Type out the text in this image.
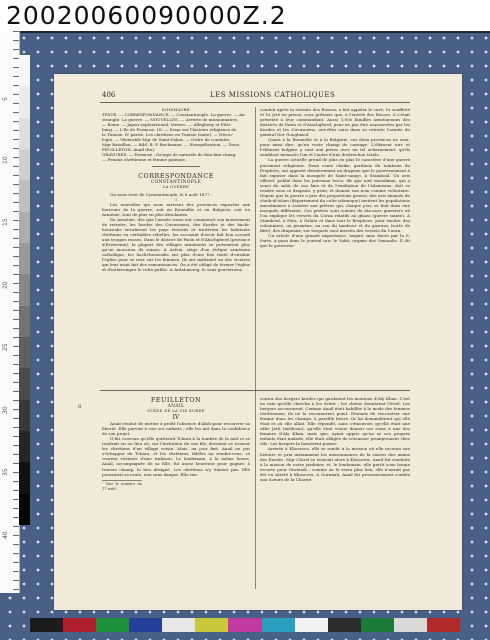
20020060090000Z.2
5
10
15
20
25
30
35
40
406	LES MISSIONS CATHOLIQUES

SOMMAIRE

TEXTE. — CORRESPONDANCE. — Constantinople. La guerre. — Au-

strangle. La guerre. — NOUVELLES. — Arrivée de missionnaires.

— Rome. — Japon septentrional; Mexico. — Allegheny et Pitts-

burg. — L'île de Formose, III. — Essai sur l'histoire religieuse de

la Tunisie. IV partie. Les chrétiens en Tunisie (suite). — Nécro-

logie. — Vénérable Mgr de Saint-Palais. — Ordre de conduite.

Mgr Bataillon. — Bibl. R. P. Bochmann. — Evangélisation. — Dons.

FEUILLETON. Anail (fin).

GRAVURES. — Formose : Groupe de naturels de Bun-kim-chang.

— Femme chrétienne et femme païenne.

CORRESPONDANCE

CONSTANTINOPLE

LA GUERRE

On nous écrit de Constantinople, le 8 août 1877 :

I

Les nouvelles qui nous arrivent des provinces exposées aux horreurs de la guerre, soit en Roumélie et en Bulgarie, soit en Arménie, sont de plus en plus désolantes.

En Arménie, dès que l'armée russe eut commencé son mouvement de retraite, les hordes des Circassiens, des Kurdes et des bachi-bouzouks envahirent les pays évacués et traitèrent les habitants chrétiens en véritables rebelles, les accusant d'avoir fait bon accueil aux troupes russes. Dans le district de Pasin et d'Atachgherd (province d'Erzeroum), la plupart des villages arméniens se présentent plus qu'un monceau de ruines. A Artvin, siège d'un évêque arménien catholique, les bachi-bouzouks ont plus d'une fois tenté d'envahir l'église pour se ruer sur les femmes. Ils ont maltraité un des vicaires qui leur avait fait des remontrances. On a été obligé de fermer l'église et d'interrompre le culte public. A Ardahanoug, le sous-gouverneur,

conduit après la retraite des Russes, a fait appeler le curé, l'a souffleté et l'a jeté en prison, sous prétexte que, à l'entrée des Russes, il s'était présenté à leur commandant. Aussi 3,000 familles arméniennes des districts de Pasin et d'Atachgherd, pour ne pas être massacrées par les Kurdes et les Circassiens, ont-elles suivi dans sa retraite l'armée du général Der Goughasof.

Quant à la Roumélie et à la Bulgarie, ces deux provinces ne sont, pour ainsi dire, qu'un vaste champ de carnage. L'élément turc et l'élément bulgare y sont aux prises avec un tel acharnement, qu'ils semblent menacés l'un et l'autre d'une destruction totale.

La guerre actuelle prend de plus en plus le caractère d'une guerre purement religieuse. Deux cents cheiks, gardiens du tombeau du Prophète, ont apporté dernièrement un drapeau que le gouvernement a fait exposer dans la mosquée de Saïnt-saniye, à Stamboul. Un avis officiel, publié dans les journaux turcs, dit que tout musulman, qui a souci du salut de son âme et de l'exaltation de l'islamisme, doit se rendre sous ce drapeau, y prier, et donner son nom comme volontaire. Depuis que la guerre a pris des proportions graves, des avis émanés du cheik-ul-islam (département du culte islamique) invitent les populations musulmanes à assister aux prières qui, chaque jour, se font dans une mosquée différente. Ces prières sont suivies de discours guerriers où l'on explique les versets du Coran relatifs au ghaza (guerre sainte). A Stamboul, à Péra, à Galata et dans tout le Bosphore, pour exciter des volontaires, on promène, au son du tambour et du gazerou (sorte de fifre), des drapeaux, sur lesquels sont inscrits des versets du Coran.

Un article d'une grande importance, inspiré sans doute par la S. Porte, a paru dans le journal turc le Vakit, organe des Osmanlis. Il dit que le gouverne-

FEUILLETON

ANAIL

SCÈNE DE LA VIE KURDE

IV

Anail résolut de mettre à profit l'absence d'Abdi pour recouvrer sa liberté. Elle parvint à voir ses enfants ; elle les mit dans la confidence de son projet.

Il fut convenu qu'elle quitterait Tchara à la tombée de la nuit et se rendrait en un lieu où, sur l'invitation de son fils, devaient se trouver les chrétiens d'un village voisin. Mais, au jour fixé, Anail ne put s'échapper de Tchara, et les chrétiens, fidèles au rendez-vous, se crurent victimes d'une trahison. Le lendemain, à la même heure, Anail, accompagnée de sa fille, fut assez heureuse pour gagner, à travers champ, le lieu désigné. Les chrétiens n'y étaient pas. Elle poursuivit sa route, non sans danger. Elle ren-

¹ Voir le numéro du 17 août.

contra des bergers kurdes qui gardaient les moutons d'Aly Khan. C'est en vain qu'elle chercha à les éviter ; les chiens donnèrent l'éveil. Les bergers accoururent. Comme Anail était habillée à la mode des femmes chrétiennes, ils ne la reconnurent point. Etonnés de rencontrer une femme dans les champs, à pareille heure, ils lui demandèrent qui elle était et où elle allait. Elle répondit, sans s'émouvoir, qu'elle était une sâhe Jatti (médecin), qu'elle était venue donner ses soins à une des femmes d'Aly Khan, mais que, ayant appris qu'on se ses propres enfants était malade, elle était obligée de retourner promptement chez elle. Les bergers la laissèrent passer.

Arrivée à Khosrova, elle se rendit à la mission où elle raconta son histoire et pria instamment les missionnaires de la sauver des mains des Kurdes. Mgr Clozel se trouvait alors à Khosrova. Anail fut conduite à la maison de notre jardinier, et, le lendemain, elle partit sous bonne escorte pour Ourmiah ; comme on le verra plus loin, elle n'aurait pas été en sûreté à Khosrova. A Ourmiah, Anail fut provisoirement confiée aux Soeurs de la Charité.

8
